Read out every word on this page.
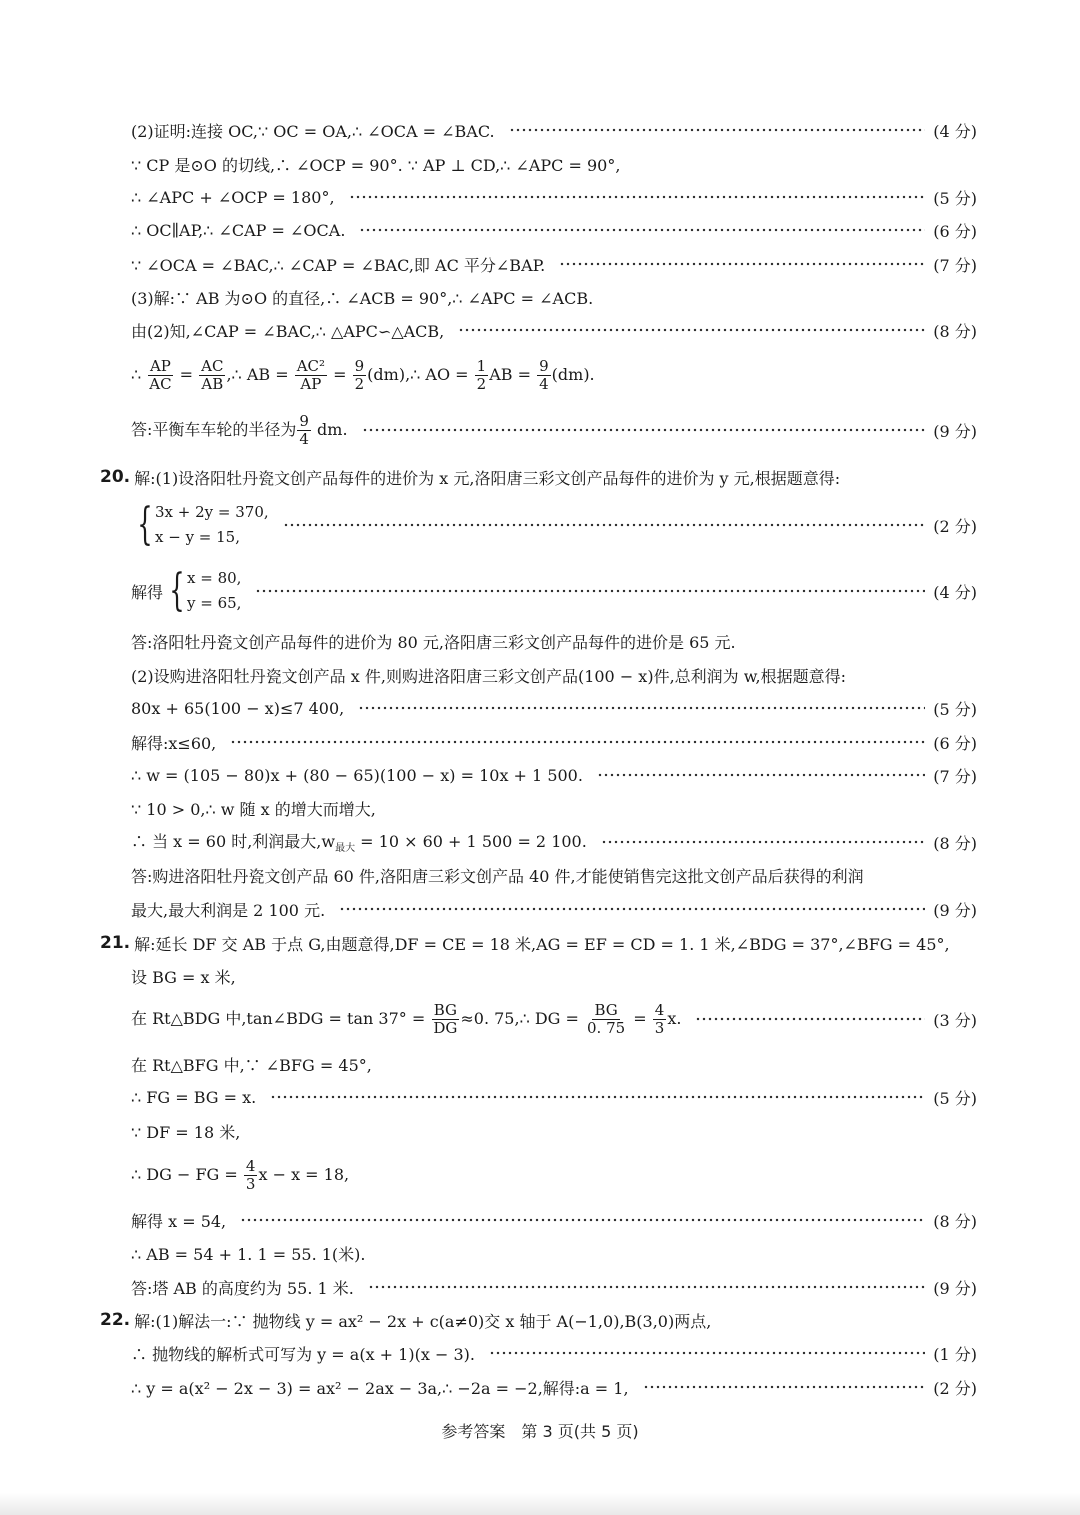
(2)证明:连接 OC,∵ OC = OA,∴ ∠OCA = ∠BAC.	(4 分)
∵ CP 是⊙O 的切线,∴ ∠OCP = 90°. ∵ AP ⊥ CD,∴ ∠APC = 90°,
∴ ∠APC + ∠OCP = 180°,	(5 分)
∴ OC∥AP,∴ ∠CAP = ∠OCA.	(6 分)
∵ ∠OCA = ∠BAC,∴ ∠CAP = ∠BAC,即 AC 平分∠BAP.	(7 分)
(3)解:∵ AB 为⊙O 的直径,∴ ∠ACB = 90°,∴ ∠APC = ∠ACB.
由(2)知,∠CAP = ∠BAC,∴ △APC∽△ACB,	(8 分)
∴ $\frac{AP}{AC} = \frac{AC}{AB}$ ,∴ AB = $\frac{\text{AC²}}{AP} = \frac{9}{2}$ (dm),∴ AO = $\frac{1}{2}$ AB = $\frac{9}{4} (dm)$.
答:平衡车车轮的半径为 $\frac{9}{4}$ dm.	(9 分)
20. 解:(1)设洛阳牡丹瓷文创产品每件的进价为 x 元,洛阳唐三彩文创产品每件的进价为 y 元,根据题意得:
{ 3x + 2y = 370,
x − y = 15,
(2 分)
解得 { x = 80,
y = 65,
(4 分)
答:洛阳牡丹瓷文创产品每件的进价为 80 元,洛阳唐三彩文创产品每件的进价是 65 元.
(2)设购进洛阳牡丹瓷文创产品 x 件,则购进洛阳唐三彩文创产品(100 − x)件,总利润为 w,根据题意得:
80x + 65(100 − x)≤7 400,	(5 分)
解得:x≤60,	(6 分)
∴ w = (105 − 80)x + (80 − 65)(100 − x) = 10x + 1 500.	(7 分)
∵ 10 > 0,∴ w 随 x 的增大而增大,
∴ 当 x = 60 时,利润最大$,w_{最大} = 10 \times 60 + 1$ 500 = 2 100.	(8 分)
答:购进洛阳牡丹瓷文创产品 60 件,洛阳唐三彩文创产品 40 件,才能使销售完这批文创产品后获得的利润
最大,最大利润是 2 100 元.	(9 分)
21. 解:延长 DF 交 AB 于点 G,由题意得,DF = CE = 18 米,AG = EF = CD = 1. 1 米,∠BDG = 37°,∠BFG = 45°,
设 BG = x 米,
在 Rt△BDG 中,tan∠BDG = $\tan 37^\circ = \frac{BG}{DG} \approx 0$. 75,∴ DG = $\frac{BG}{0. 75} = \frac{4}{3} x$.	(3 分)
在 Rt△BFG 中,∵ ∠BFG = 45°,
∴ FG = BG = x.	(5 分)
∵ DF = 18 米,
∴ DG − FG = $\frac{4}{3}$ x − x = 18,
解得 x = 54,	(8 分)
∴ AB = 54 + 1. 1 = 55. 1(米).
答:塔 AB 的高度约为 55. 1 米.	(9 分)
22. 解:(1)解法一:∵ 抛物线 y = ax² − 2x + c(a≠0)交 x 轴于 A(−1,0),B(3,0)两点,
∴ 抛物线的解析式可写为 y = a(x + 1)(x − 3).	(1 分)
∴ y = a(x² − 2x − 3) = ax² − 2ax − 3a,∴ −2a = −2,解得:a = 1,	(2 分)
参考答案　第 3 页(共 5 页)
